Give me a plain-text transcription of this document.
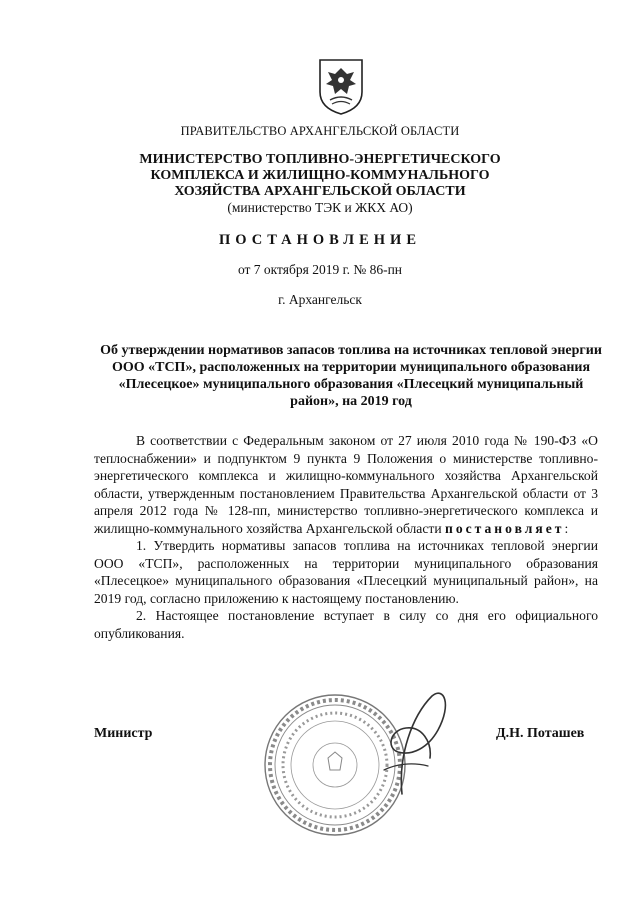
ПРАВИТЕЛЬСТВО АРХАНГЕЛЬСКОЙ ОБЛАСТИ
МИНИСТЕРСТВО ТОПЛИВНО-ЭНЕРГЕТИЧЕСКОГО
КОМПЛЕКСА И ЖИЛИЩНО-КОММУНАЛЬНОГО
ХОЗЯЙСТВА АРХАНГЕЛЬСКОЙ ОБЛАСТИ
(министерство ТЭК и ЖКХ АО)
ПОСТАНОВЛЕНИЕ
от 7 октября 2019 г. № 86-пн
г. Архангельск
Об утверждении нормативов запасов топлива на источниках тепловой энергии ООО «ТСП», расположенных на территории муниципального образования «Плесецкое» муниципального образования «Плесецкий муниципальный район», на 2019 год

В соответствии с Федеральным законом от 27 июля 2010 года № 190-ФЗ «О теплоснабжении» и подпунктом 9 пункта 9 Положения о министерстве топливно-энергетического комплекса и жилищно-коммунального хозяйства Архангельской области, утвержденным постановлением Правительства Архангельской области от 3 апреля 2012 года № 128-пп, министерство топливно-энергетического комплекса и жилищно-коммунального хозяйства Архангельской области постановляет:

1. Утвердить нормативы запасов топлива на источниках тепловой энергии ООО «ТСП», расположенных на территории муниципального образования «Плесецкое» муниципального образования «Плесецкий муниципальный район», на 2019 год, согласно приложению к настоящему постановлению.

2. Настоящее постановление вступает в силу со дня его официального опубликования.

Министр	Д.Н. Поташев
